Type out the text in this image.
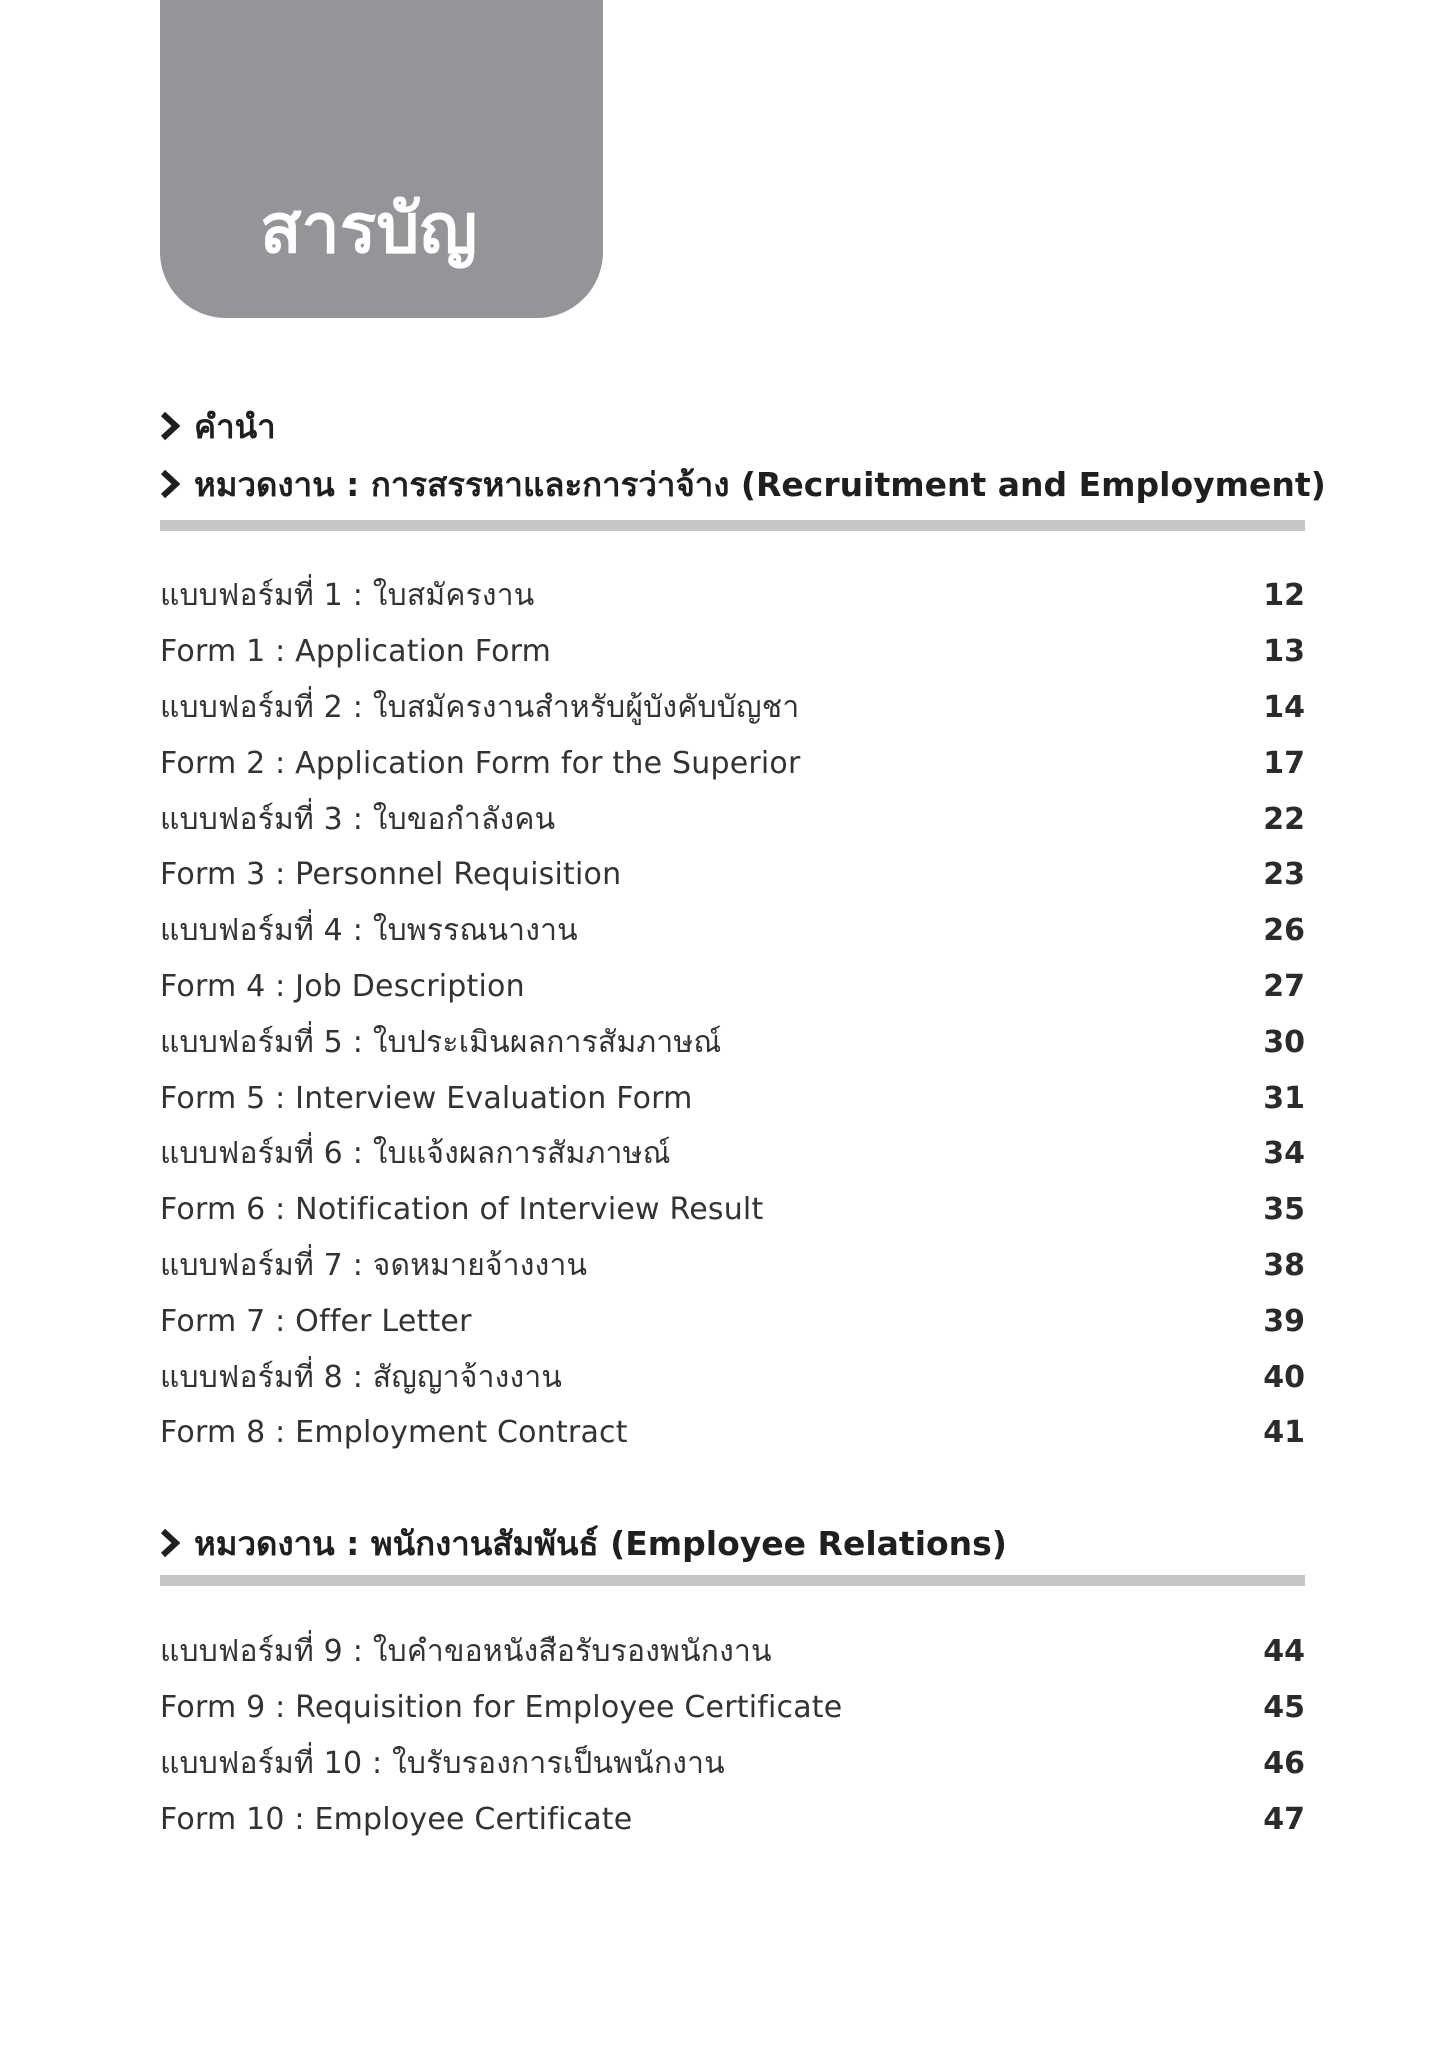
สารบัญ
คำนำ
หมวดงาน : การสรรหาและการว่าจ้าง (Recruitment and Employment)
แบบฟอร์มที่ 1 : ใบสมัครงาน	12
Form 1 : Application Form	13
แบบฟอร์มที่ 2 : ใบสมัครงานสำหรับผู้บังคับบัญชา	14
Form 2 : Application Form for the Superior	17
แบบฟอร์มที่ 3 : ใบขอกำลังคน	22
Form 3 : Personnel Requisition	23
แบบฟอร์มที่ 4 : ใบพรรณนางาน	26
Form 4 : Job Description	27
แบบฟอร์มที่ 5 : ใบประเมินผลการสัมภาษณ์	30
Form 5 : Interview Evaluation Form	31
แบบฟอร์มที่ 6 : ใบแจ้งผลการสัมภาษณ์	34
Form 6 : Notification of Interview Result	35
แบบฟอร์มที่ 7 : จดหมายจ้างงาน	38
Form 7 : Offer Letter	39
แบบฟอร์มที่ 8 : สัญญาจ้างงาน	40
Form 8 : Employment Contract	41
หมวดงาน : พนักงานสัมพันธ์ (Employee Relations)
แบบฟอร์มที่ 9 : ใบคำขอหนังสือรับรองพนักงาน	44
Form 9 : Requisition for Employee Certificate	45
แบบฟอร์มที่ 10 : ใบรับรองการเป็นพนักงาน	46
Form 10 : Employee Certificate	47
